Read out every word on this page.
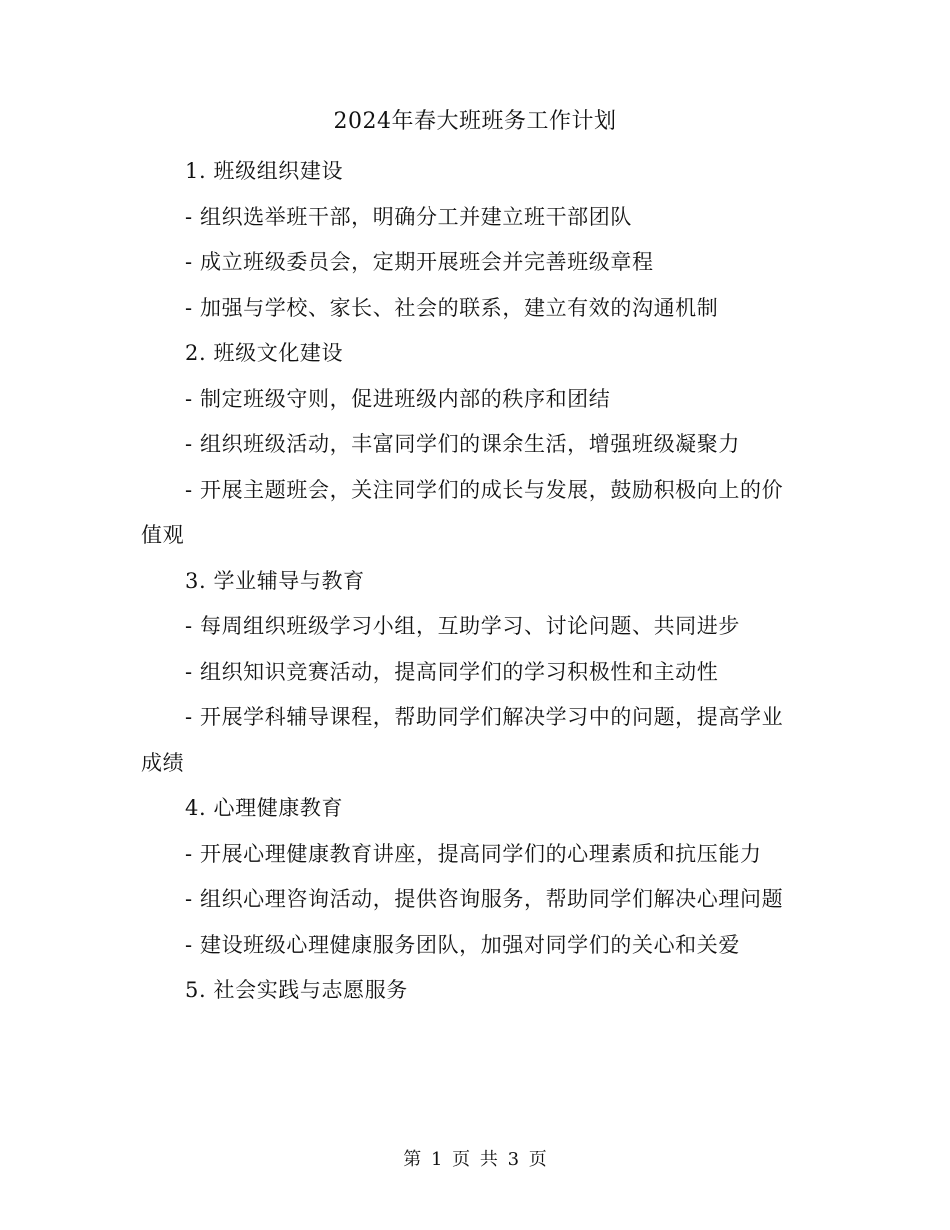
2024年春大班班务工作计划

1. 班级组织建设

- 组织选举班干部，明确分工并建立班干部团队

- 成立班级委员会，定期开展班会并完善班级章程

- 加强与学校、家长、社会的联系，建立有效的沟通机制

2. 班级文化建设

- 制定班级守则，促进班级内部的秩序和团结

- 组织班级活动，丰富同学们的课余生活，增强班级凝聚力

- 开展主题班会，关注同学们的成长与发展，鼓励积极向上的价值观

3. 学业辅导与教育

- 每周组织班级学习小组，互助学习、讨论问题、共同进步

- 组织知识竞赛活动，提高同学们的学习积极性和主动性

- 开展学科辅导课程，帮助同学们解决学习中的问题，提高学业成绩

4. 心理健康教育

- 开展心理健康教育讲座，提高同学们的心理素质和抗压能力

- 组织心理咨询活动，提供咨询服务，帮助同学们解决心理问题

- 建设班级心理健康服务团队，加强对同学们的关心和关爱

5. 社会实践与志愿服务

第 1 页 共 3 页
